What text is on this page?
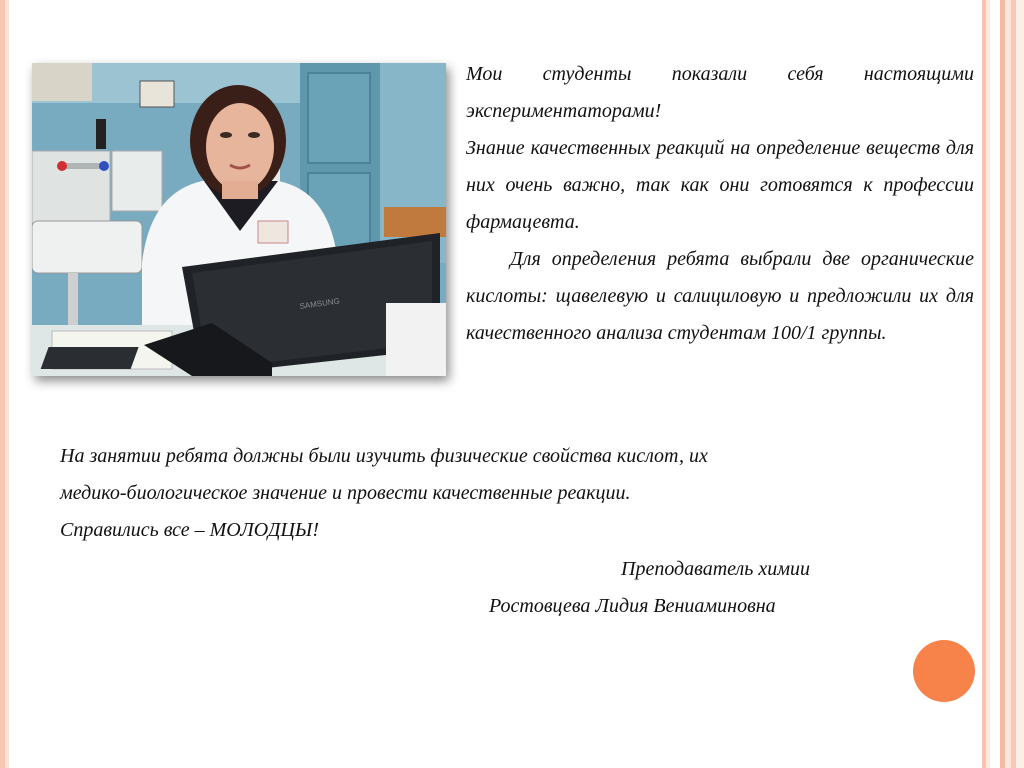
SAMSUNG
Мои студенты показали себя настоящими экспериментаторами!
Знание качественных реакций на определение веществ для них очень важно, так как они готовятся к профессии фармацевта.
Для определения ребята выбрали две органические кислоты: щавелевую и салициловую и предложили их для качественного анализа студентам 100/1 группы.
На занятии ребята должны были изучить физические свойства кислот, их
медико-биологическое значение и провести качественные реакции.
Справились все – МОЛОДЦЫ!
Преподаватель химии
Ростовцева Лидия Вениаминовна
